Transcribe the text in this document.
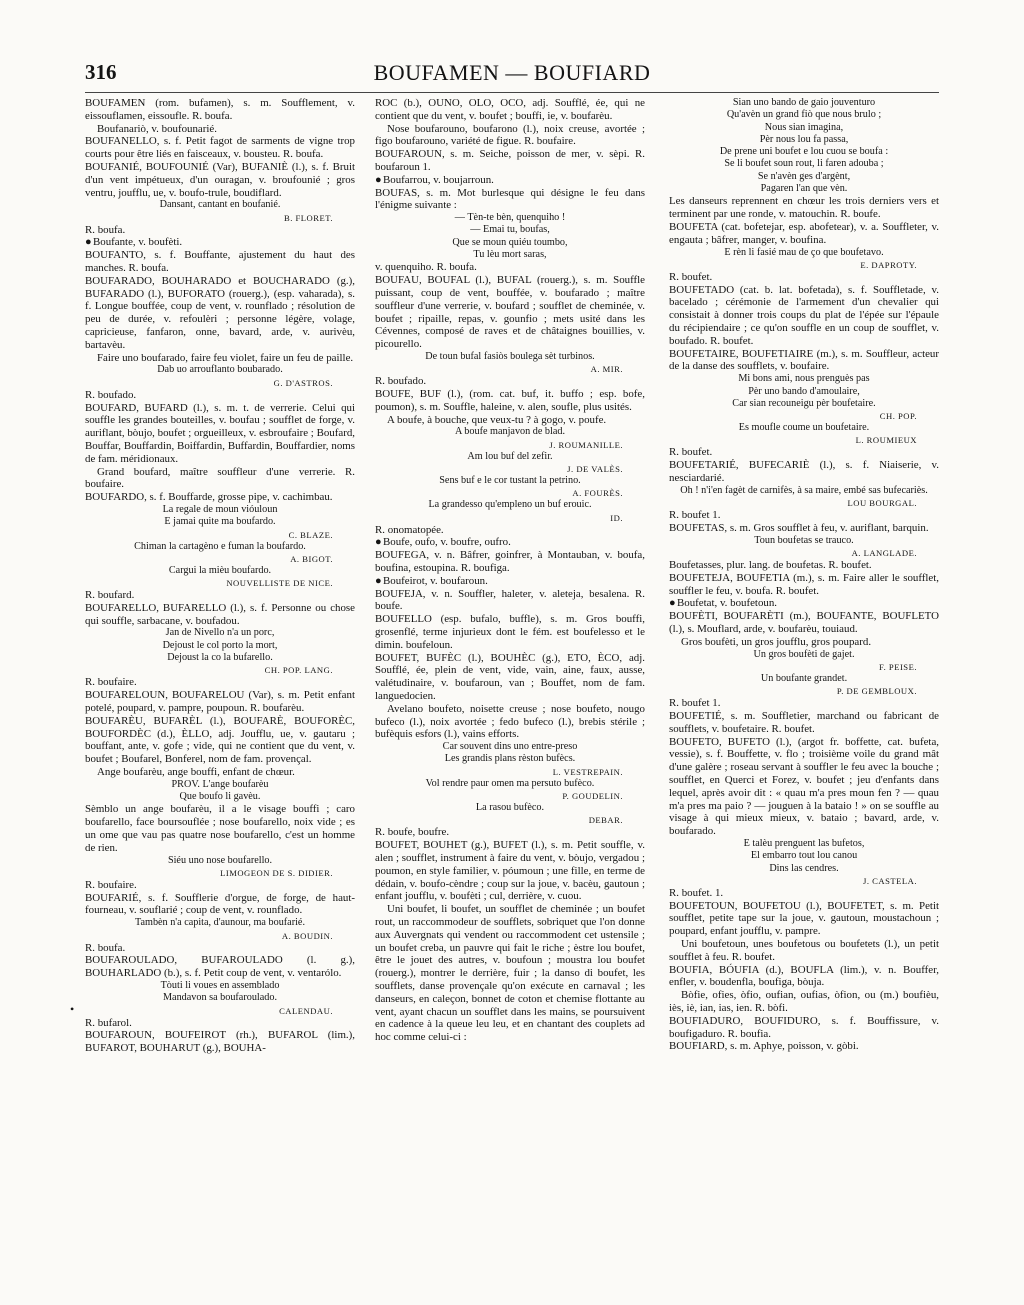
316	BOUFAMEN — BOUFIARD
•
BOUFAMEN (rom. bufamen), s. m. Soufflement, v. eissouflamen, eissoufle. R. boufa.
Boufanariò, v. boufounarié.
BOUFANELLO, s. f. Petit fagot de sarments de vigne trop courts pour être liés en faisceaux, v. bousteu. R. boufa.
BOUFANIÉ, BOUFOUNIÉ (Var), BUFANIÈ (l.), s. f. Bruit d'un vent impétueux, d'un ouragan, v. broufounié ; gros ventru, joufflu, ue, v. boufo-trule, boudiflard.
Dansant, cantant en boufanié.
B. FLORET.
R. boufa.
●Boufante, v. boufèti.
BOUFANTO, s. f. Bouffante, ajustement du haut des manches. R. boufa.
BOUFARADO, BOUHARADO et BOUCHARADO (g.), BUFARADO (l.), BUFORATO (rouerg.), (esp. vaharada), s. f. Longue bouffée, coup de vent, v. rounflado ; résolution de peu de durée, v. refoulèri ; personne légère, volage, capricieuse, fanfaron, onne, bavard, arde, v. aurivèu, bartavèu.
Faire uno boufarado, faire feu violet, faire un feu de paille.
Dab uo arrouflanto boubarado.
G. D'ASTROS.
R. boufado.
BOUFARD, BUFARD (l.), s. m. t. de verrerie. Celui qui souffle les grandes bouteilles, v. boufau ; soufflet de forge, v. auriflant, bòujo, boufet ; orgueilleux, v. esbroufaire ; Boufard, Bouffar, Bouffardin, Boiffardin, Buffardin, Bouffardier, noms de fam. méridionaux.
Grand boufard, maître souffleur d'une verrerie. R. boufaire.
BOUFARDO, s. f. Bouffarde, grosse pipe, v. cachimbau.
La regale de moun vióuloun
E jamai quite ma boufardo.
C. BLAZE.
Chiman la cartagèno e fuman la boufardo.
A. BIGOT.
Cargui la mièu boufardo.
NOUVELLISTE DE NICE.
R. boufard.
BOUFARELLO, BUFARELLO (l.), s. f. Personne ou chose qui souffle, sarbacane, v. boufadou.
Jan de Nivello n'a un porc,
Dejoust le col porto la mort,
Dejoust la co la bufarello.
CH. POP. LANG.
R. boufaire.
BOUFARELOUN, BOUFARELOU (Var), s. m. Petit enfant potelé, poupard, v. pampre, poupoun. R. boufarèu.
BOUFARÈU, BUFARÈL (l.), BOUFARÈ, BOUFORÈC, BOUFORDÈC (d.), ÈLLO, adj. Joufflu, ue, v. gautaru ; bouffant, ante, v. gofe ; vide, qui ne contient que du vent, v. boufet ; Boufarel, Bonferel, nom de fam. provençal.
Ange boufarèu, ange bouffi, enfant de chœur.
PROV. L'ange boufarèu
Que boufo li gavèu.
Sèmblo un ange boufarèu, il a le visage bouffi ; caro boufarello, face boursouflée ; nose boufarello, noix vide ; es un ome que vau pas quatre nose boufarello, c'est un homme de rien.
Siéu uno nose boufarello.
LIMOGEON DE S. DIDIER.
R. boufaire.
BOUFARIÉ, s. f. Soufflerie d'orgue, de forge, de haut-fourneau, v. souflarié ; coup de vent, v. rounflado.
Tambèn n'a capita, d'aunour, ma boufarié.
A. BOUDIN.
R. boufa.
BOUFAROULADO, BUFAROULADO (l. g.), BOUHARLADO (b.), s. f. Petit coup de vent, v. ventarólo.
Tòuti li voues en assemblado
Mandavon sa boufaroulado.
CALENDAU.
R. bufarol.
BOUFAROUN, BOUFEIROT (rh.), BUFAROL (lim.), BUFAROT, BOUHARUT (g.), BOUHA-
ROC (b.), OUNO, OLO, OCO, adj. Soufflé, ée, qui ne contient que du vent, v. boufet ; bouffi, ie, v. boufarèu.
Nose boufarouno, boufarono (l.), noix creuse, avortée ; figo boufarouno, variété de figue. R. boufaire.
BOUFAROUN, s. m. Seiche, poisson de mer, v. sèpi. R. boufaroun 1.
●Boufarrou, v. boujarroun.
BOUFAS, s. m. Mot burlesque qui désigne le feu dans l'énigme suivante :
— Tèn-te bèn, quenquiho !
— Emai tu, boufas,
Que se moun quiéu toumbo,
Tu lèu mort saras,
v. quenquiho. R. boufa.
BOUFAU, BOUFAL (l.), BUFAL (rouerg.), s. m. Souffle puissant, coup de vent, bouffée, v. boufarado ; maître souffleur d'une verrerie, v. boufard ; soufflet de cheminée, v. boufet ; ripaille, repas, v. gounfio ; mets usité dans les Cévennes, composé de raves et de châtaignes bouillies, v. picourello.
De toun bufal fasiòs boulega sèt turbinos.
A. MIR.
R. boufado.
BOUFE, BUF (l.), (rom. cat. buf, it. buffo ; esp. bofe, poumon), s. m. Souffle, haleine, v. alen, soufle, plus usités.
A boufe, à bouche, que veux-tu ? à gogo, v. poufe.
A boufe manjavon de blad.
J. ROUMANILLE.
Am lou buf del zefir.
J. DE VALÈS.
Sens buf e le cor tustant la petrino.
A. FOURÈS.
La grandesso qu'empleno un buf erouic.
ID.
R. onomatopée.
●Boufe, oufo, v. boufre, oufro.
BOUFEGA, v. n. Bâfrer, goinfrer, à Montauban, v. boufa, boufina, estoupina. R. boufiga.
●Boufeirot, v. boufaroun.
BOUFEJA, v. n. Souffler, haleter, v. aleteja, besalena. R. boufe.
BOUFELLO (esp. bufalo, buffle), s. m. Gros bouffi, grosenflé, terme injurieux dont le fém. est boufelesso et le dimin. boufeloun.
BOUFET, BUFÈC (l.), BOUHÈC (g.), ETO, ÈCO, adj. Soufflé, ée, plein de vent, vide, vain, aine, faux, ausse, valétudinaire, v. boufaroun, van ; Bouffet, nom de fam. languedocien.
Avelano boufeto, noisette creuse ; nose boufeto, nougo bufeco (l.), noix avortée ; fedo bufeco (l.), brebis stérile ; bufèquis esfors (l.), vains efforts.
Car souvent dins uno entre-preso
Les grandis plans rèston bufècs.
L. VESTREPAIN.
Vol rendre paur omen ma persuto bufèco.
P. GOUDELIN.
La rasou bufèco.
DEBAR.
R. boufe, boufre.
BOUFET, BOUHET (g.), BUFET (l.), s. m. Petit souffle, v. alen ; soufflet, instrument à faire du vent, v. bòujo, vergadou ; poumon, en style familier, v. póumoun ; une fille, en terme de dédain, v. boufo-cèndre ; coup sur la joue, v. bacèu, gautoun ; enfant joufflu, v. boufèti ; cul, derrière, v. cuou.
Uni boufet, li boufet, un soufflet de cheminée ; un boufet rout, un raccommodeur de soufflets, sobriquet que l'on donne aux Auvergnats qui vendent ou raccommodent cet ustensile ; un boufet creba, un pauvre qui fait le riche ; èstre lou boufet, être le jouet des autres, v. boufoun ; moustra lou boufet (rouerg.), montrer le derrière, fuir ; la danso di boufet, les soufflets, danse provençale qu'on exécute en carnaval ; les danseurs, en caleçon, bonnet de coton et chemise flottante au vent, ayant chacun un soufflet dans les mains, se poursuivent en cadence à la queue leu leu, et en chantant des couplets ad hoc comme celui-ci :
Sian uno bando de gaio jouventuro
Qu'avèn un grand fiò que nous brulo ;
Nous sian imagina,
Pèr nous lou fa passa,
De prene uni boufet e lou cuou se boufa :
Se li boufet soun rout, li faren adouba ;
Se n'avèn ges d'argènt,
Pagaren l'an que vèn.
Les danseurs reprennent en chœur les trois derniers vers et terminent par une ronde, v. matouchin. R. boufe.
BOUFETA (cat. bofetejar, esp. abofetear), v. a. Souffleter, v. engauta ; bâfrer, manger, v. boufina.
E rèn li fasié mau de ço que boufetavo.
E. DAPROTY.
R. boufet.
BOUFETADO (cat. b. lat. bofetada), s. f. Souffletade, v. bacelado ; cérémonie de l'armement d'un chevalier qui consistait à donner trois coups du plat de l'épée sur l'épaule du récipiendaire ; ce qu'on souffle en un coup de soufflet, v. boufado. R. boufet.
BOUFETAIRE, BOUFETIAIRE (m.), s. m. Souffleur, acteur de la danse des soufflets, v. boufaire.
Mi bons ami, nous prenguès pas
Pèr uno bando d'amoulaire,
Car sian recouneigu pèr boufetaire.
CH. POP.
Es moufle coume un boufetaire.
L. ROUMIEUX
R. boufet.
BOUFETARIÉ, BUFECARIÈ (l.), s. f. Niaiserie, v. nesciardarié.
Oh ! n'i'en fagèt de carnifès, à sa maire, embé sas bufecariès.
LOU BOURGAL.
R. boufet 1.
BOUFETAS, s. m. Gros soufflet à feu, v. auriflant, barquin.
Toun boufetas se trauco.
A. LANGLADE.
Boufetasses, plur. lang. de boufetas. R. boufet.
BOUFETEJA, BOUFETIA (m.), s. m. Faire aller le soufflet, souffler le feu, v. boufa. R. boufet.
●Boufetat, v. boufetoun.
BOUFÈTI, BOUFARÈTI (m.), BOUFANTE, BOUFLETO (l.), s. Mouflard, arde, v. boufarèu, touiaud.
Gros boufèti, un gros joufflu, gros poupard.
Un gros boufèti de gajet.
F. PEISE.
Un boufante grandet.
P. DE GEMBLOUX.
R. boufet 1.
BOUFETIÉ, s. m. Souffletier, marchand ou fabricant de soufflets, v. boufetaire. R. boufet.
BOUFETO, BUFETO (l.), (argot fr. boffette, cat. bufeta, vessie), s. f. Bouffette, v. flo ; troisième voile du grand mât d'une galère ; roseau servant à souffler le feu avec la bouche ; soufflet, en Querci et Forez, v. boufet ; jeu d'enfants dans lequel, après avoir dit : « quau m'a pres moun fen ? — quau m'a pres ma paio ? — jouguen à la bataio ! » on se souffle au visage à qui mieux mieux, v. bataio ; bavard, arde, v. boufarado.
E talèu prenguent las bufetos,
El embarro tout lou canou
Dins las cendres.
J. CASTELA.
R. boufet. 1.
BOUFETOUN, BOUFETOU (l.), BOUFETET, s. m. Petit soufflet, petite tape sur la joue, v. gautoun, moustachoun ; poupard, enfant joufflu, v. pampre.
Uni boufetoun, unes boufetous ou boufetets (l.), un petit soufflet à feu. R. boufet.
BOUFIA, BÓUFIA (d.), BOUFLA (lim.), v. n. Bouffer, enfler, v. boudenfla, boufiga, bòuja.
Bòfie, ofies, òfio, oufian, oufias, òfion, ou (m.) boufièu, iès, iè, ian, ias, ien. R. bòfi.
BOUFIADURO, BOUFIDURO, s. f. Bouffissure, v. boufigaduro. R. boufia.
BOUFIARD, s. m. Aphye, poisson, v. gòbi.
